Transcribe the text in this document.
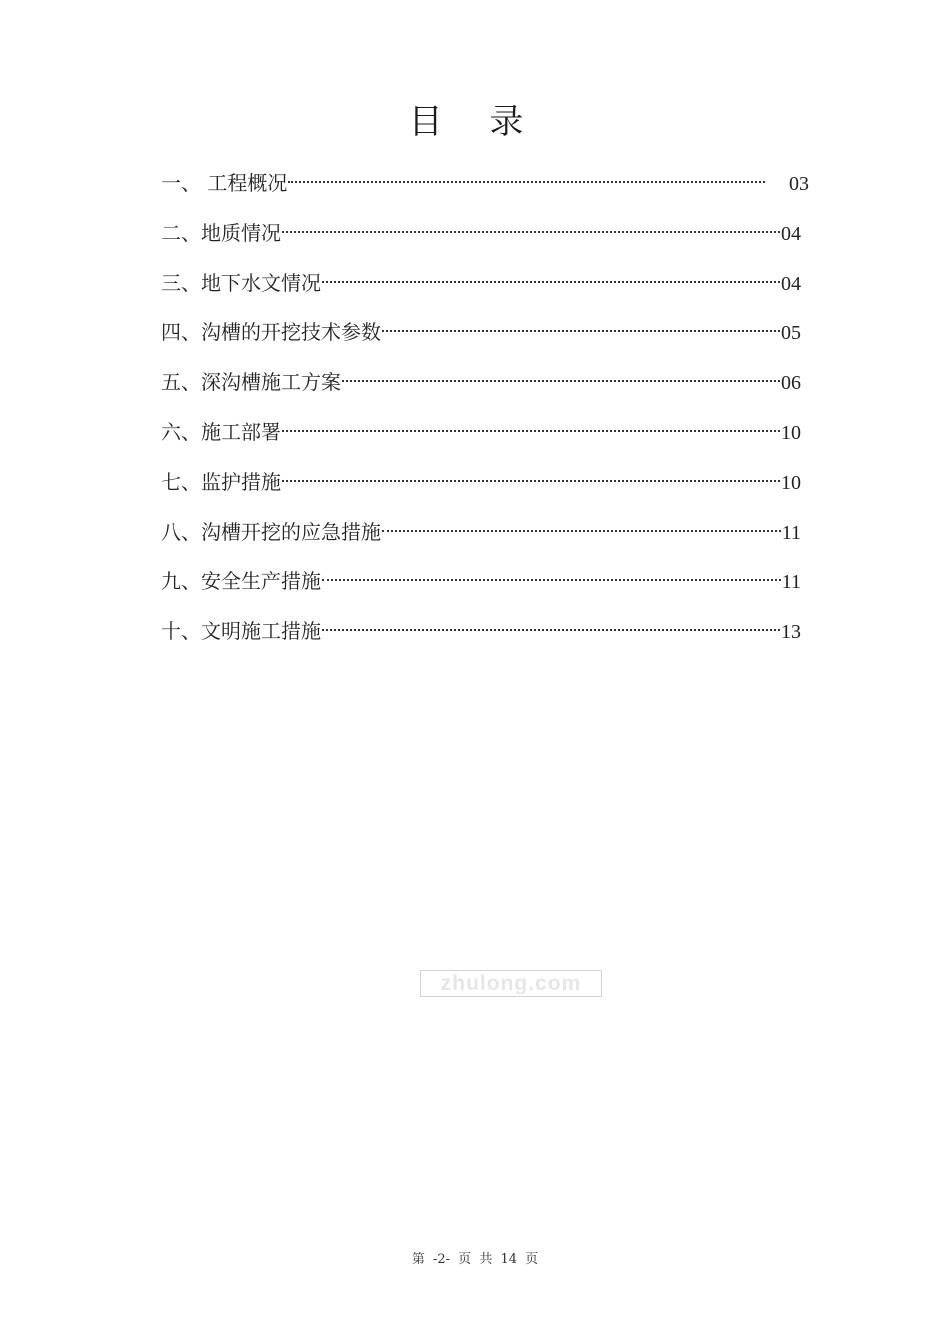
目 录
一、 工程概况	03
二、地质情况	04
三、地下水文情况	04
四、沟槽的开挖技术参数	05
五、深沟槽施工方案	06
六、施工部署	10
七、监护措施	10
八、沟槽开挖的应急措施	11
九、安全生产措施	11
十、文明施工措施	13
zhulong.com
第 -2- 页 共 14 页
